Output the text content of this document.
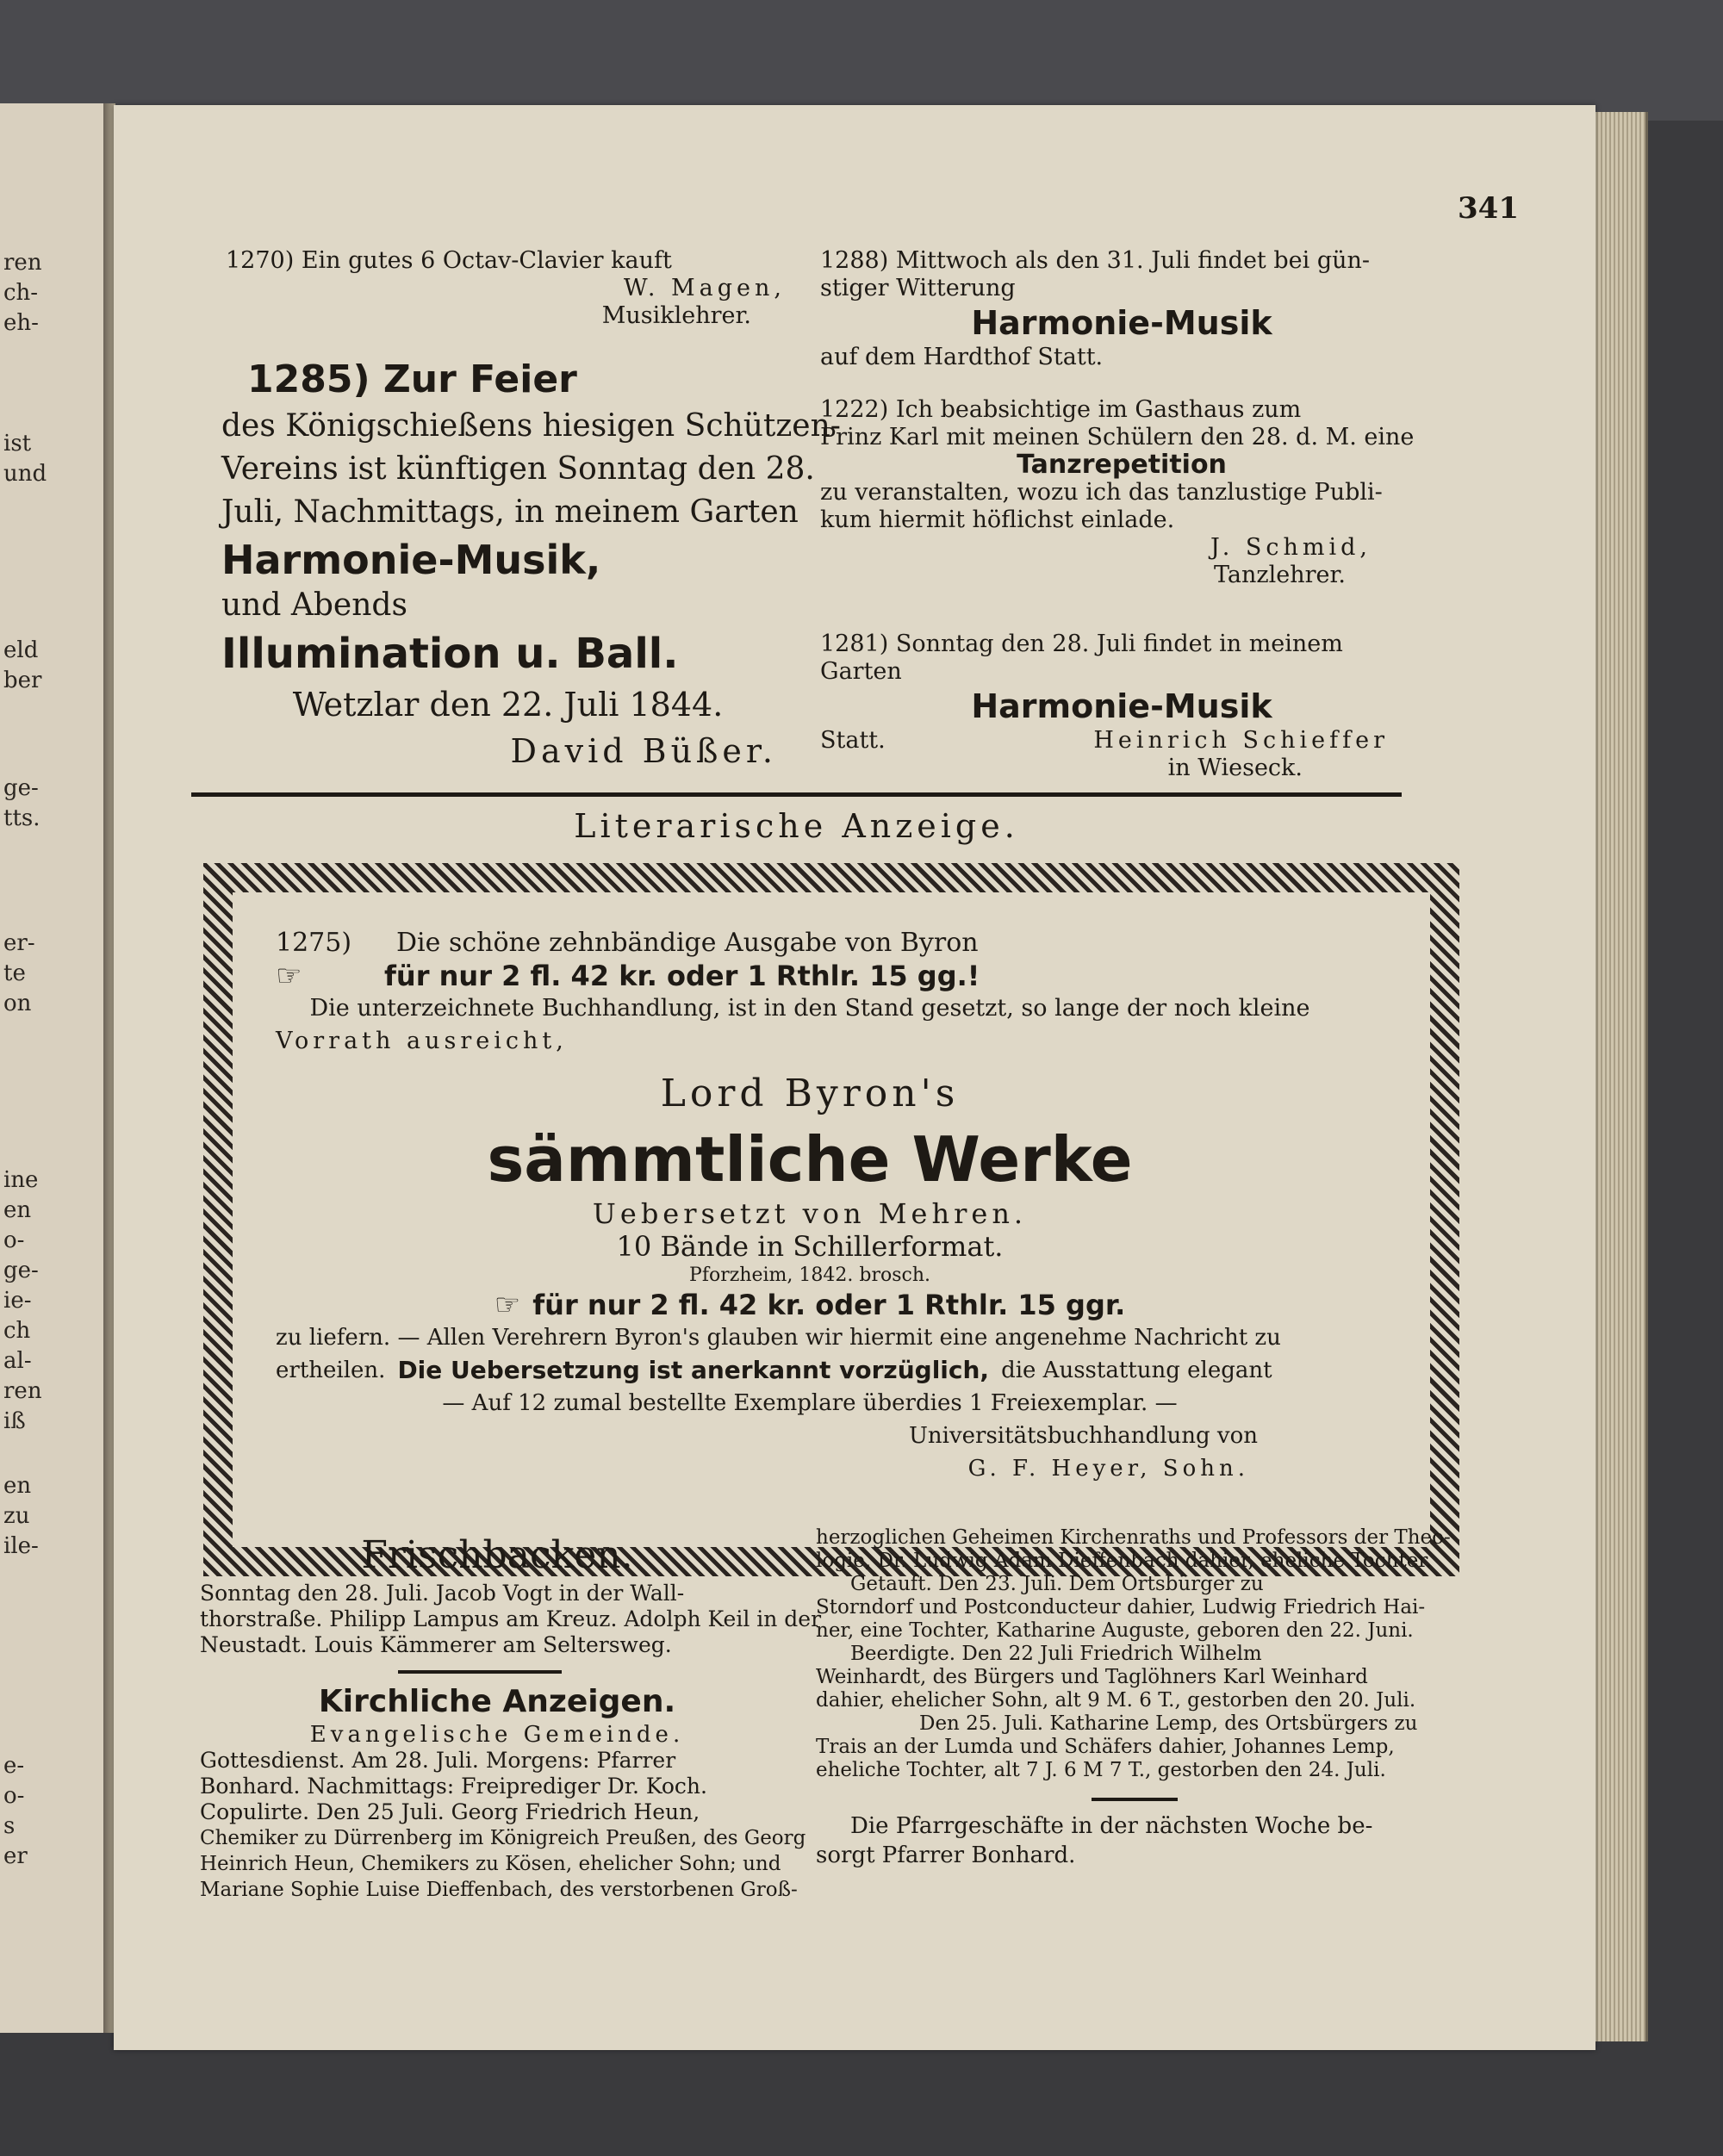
ren
ch-
eh-
ist
und
eld
ber
ge-
tts.
er-
te
on
ine
en
o-
ge-
ie-
ch
al-
ren
iß
en
zu
ile-
e-
o-
s
er
341
1270) Ein gutes 6 Octav-Clavier kauft
W. Magen,
Musiklehrer.
1285) Zur Feier
des Königschießens hiesigen Schützen-
Vereins ist künftigen Sonntag den 28.
Juli, Nachmittags, in meinem Garten
Harmonie-Musik,
und Abends
Illumination u. Ball.
Wetzlar den 22. Juli 1844.
David Büßer.
1288) Mittwoch als den 31. Juli findet bei gün-
stiger Witterung
Harmonie-Musik
auf dem Hardthof Statt.
1222) Ich beabsichtige im Gasthaus zum
Prinz Karl mit meinen Schülern den 28. d. M. eine
Tanzrepetition
zu veranstalten, wozu ich das tanzlustige Publi-
kum hiermit höflichst einlade.
J. Schmid,
Tanzlehrer.
1281) Sonntag den 28. Juli findet in meinem
Garten
Harmonie-Musik
Statt.	Heinrich Schieffer
in Wieseck.
Literarische Anzeige.
1275)	Die schöne zehnbändige Ausgabe von Byron
☞	für nur 2 fl. 42 kr. oder 1 Rthlr. 15 gg.!
Die unterzeichnete Buchhandlung, ist in den Stand gesetzt, so lange der noch kleine
Vorrath ausreicht,
Lord Byron's
sämmtliche Werke
Uebersetzt von Mehren.
10 Bände in Schillerformat.
Pforzheim, 1842. brosch.
☞ für nur 2 fl. 42 kr. oder 1 Rthlr. 15 ggr.
zu liefern. — Allen Verehrern Byron's glauben wir hiermit eine angenehme Nachricht zu
ertheilen. Die Uebersetzung ist anerkannt vorzüglich, die Ausstattung elegant
— Auf 12 zumal bestellte Exemplare überdies 1 Freiexemplar. —
Universitätsbuchhandlung von
G. F. Heyer, Sohn.
Frischbacken.
Sonntag den 28. Juli. Jacob Vogt in der Wall-
thorstraße. Philipp Lampus am Kreuz. Adolph Keil in der
Neustadt. Louis Kämmerer am Seltersweg.
Kirchliche Anzeigen.
Evangelische Gemeinde.
Gottesdienst. Am 28. Juli. Morgens: Pfarrer
Bonhard. Nachmittags: Freiprediger Dr. Koch.
Copulirte. Den 25 Juli. Georg Friedrich Heun,
Chemiker zu Dürrenberg im Königreich Preußen, des Georg
Heinrich Heun, Chemikers zu Kösen, ehelicher Sohn; und
Mariane Sophie Luise Dieffenbach, des verstorbenen Groß-
herzoglichen Geheimen Kirchenraths und Professors der Theo-
logie, Dr. Ludwig Adam Dieffenbach dahier, eheliche Tochter.
Getauft. Den 23. Juli. Dem Ortsbürger zu
Storndorf und Postconducteur dahier, Ludwig Friedrich Hai-
ner, eine Tochter, Katharine Auguste, geboren den 22. Juni.
Beerdigte. Den 22 Juli Friedrich Wilhelm
Weinhardt, des Bürgers und Taglöhners Karl Weinhard
dahier, ehelicher Sohn, alt 9 M. 6 T., gestorben den 20. Juli.
Den 25. Juli. Katharine Lemp, des Ortsbürgers zu
Trais an der Lumda und Schäfers dahier, Johannes Lemp,
eheliche Tochter, alt 7 J. 6 M 7 T., gestorben den 24. Juli.
Die Pfarrgeschäfte in der nächsten Woche be-
sorgt Pfarrer Bonhard.
